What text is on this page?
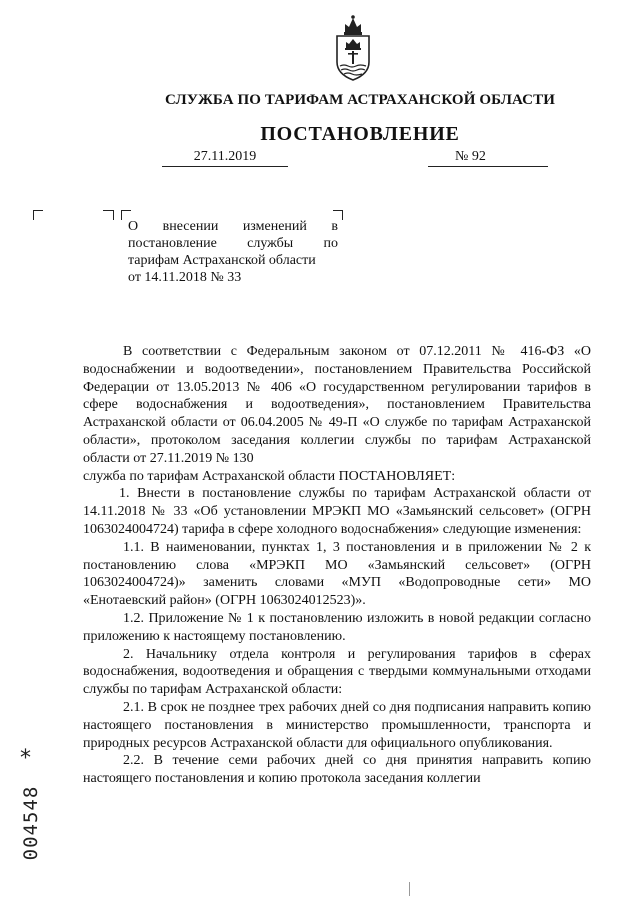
СЛУЖБА ПО ТАРИФАМ АСТРАХАНСКОЙ ОБЛАСТИ
ПОСТАНОВЛЕНИЕ
27.11.2019	№ 92
О внесении изменений в
постановление службы по
тарифам Астраханской области
от 14.11.2018 № 33

В соответствии с Федеральным законом от 07.12.2011 № 416-ФЗ «О водоснабжении и водоотведении», постановлением Правительства Российской Федерации от 13.05.2013 № 406 «О государственном регулировании тарифов в сфере водоснабжения и водоотведения», постановлением Правительства Астраханской области от 06.04.2005 № 49-П «О службе по тарифам Астраханской области», протоколом заседания коллегии службы по тарифам Астраханской области от 27.11.2019 № 130

служба по тарифам Астраханской области ПОСТАНОВЛЯЕТ:

1. Внести в постановление службы по тарифам Астраханской области от 14.11.2018 № 33 «Об установлении МРЭКП МО «Замьянский сельсовет» (ОГРН 1063024004724) тарифа в сфере холодного водоснабжения» следующие изменения:

1.1. В наименовании, пунктах 1, 3 постановления и в приложении № 2 к постановлению слова «МРЭКП МО «Замьянский сельсовет» (ОГРН 1063024004724)» заменить словами «МУП «Водопроводные сети» МО «Енотаевский район» (ОГРН 1063024012523)».

1.2. Приложение № 1 к постановлению изложить в новой редакции согласно приложению к настоящему постановлению.

2. Начальнику отдела контроля и регулирования тарифов в сферах водоснабжения, водоотведения и обращения с твердыми коммунальными отходами службы по тарифам Астраханской области:

2.1. В срок не позднее трех рабочих дней со дня подписания направить копию настоящего постановления в министерство промышленности, транспорта и природных ресурсов Астраханской области для официального опубликования.

2.2. В течение семи рабочих дней со дня принятия направить копию настоящего постановления и копию протокола заседания коллегии

*
004548
